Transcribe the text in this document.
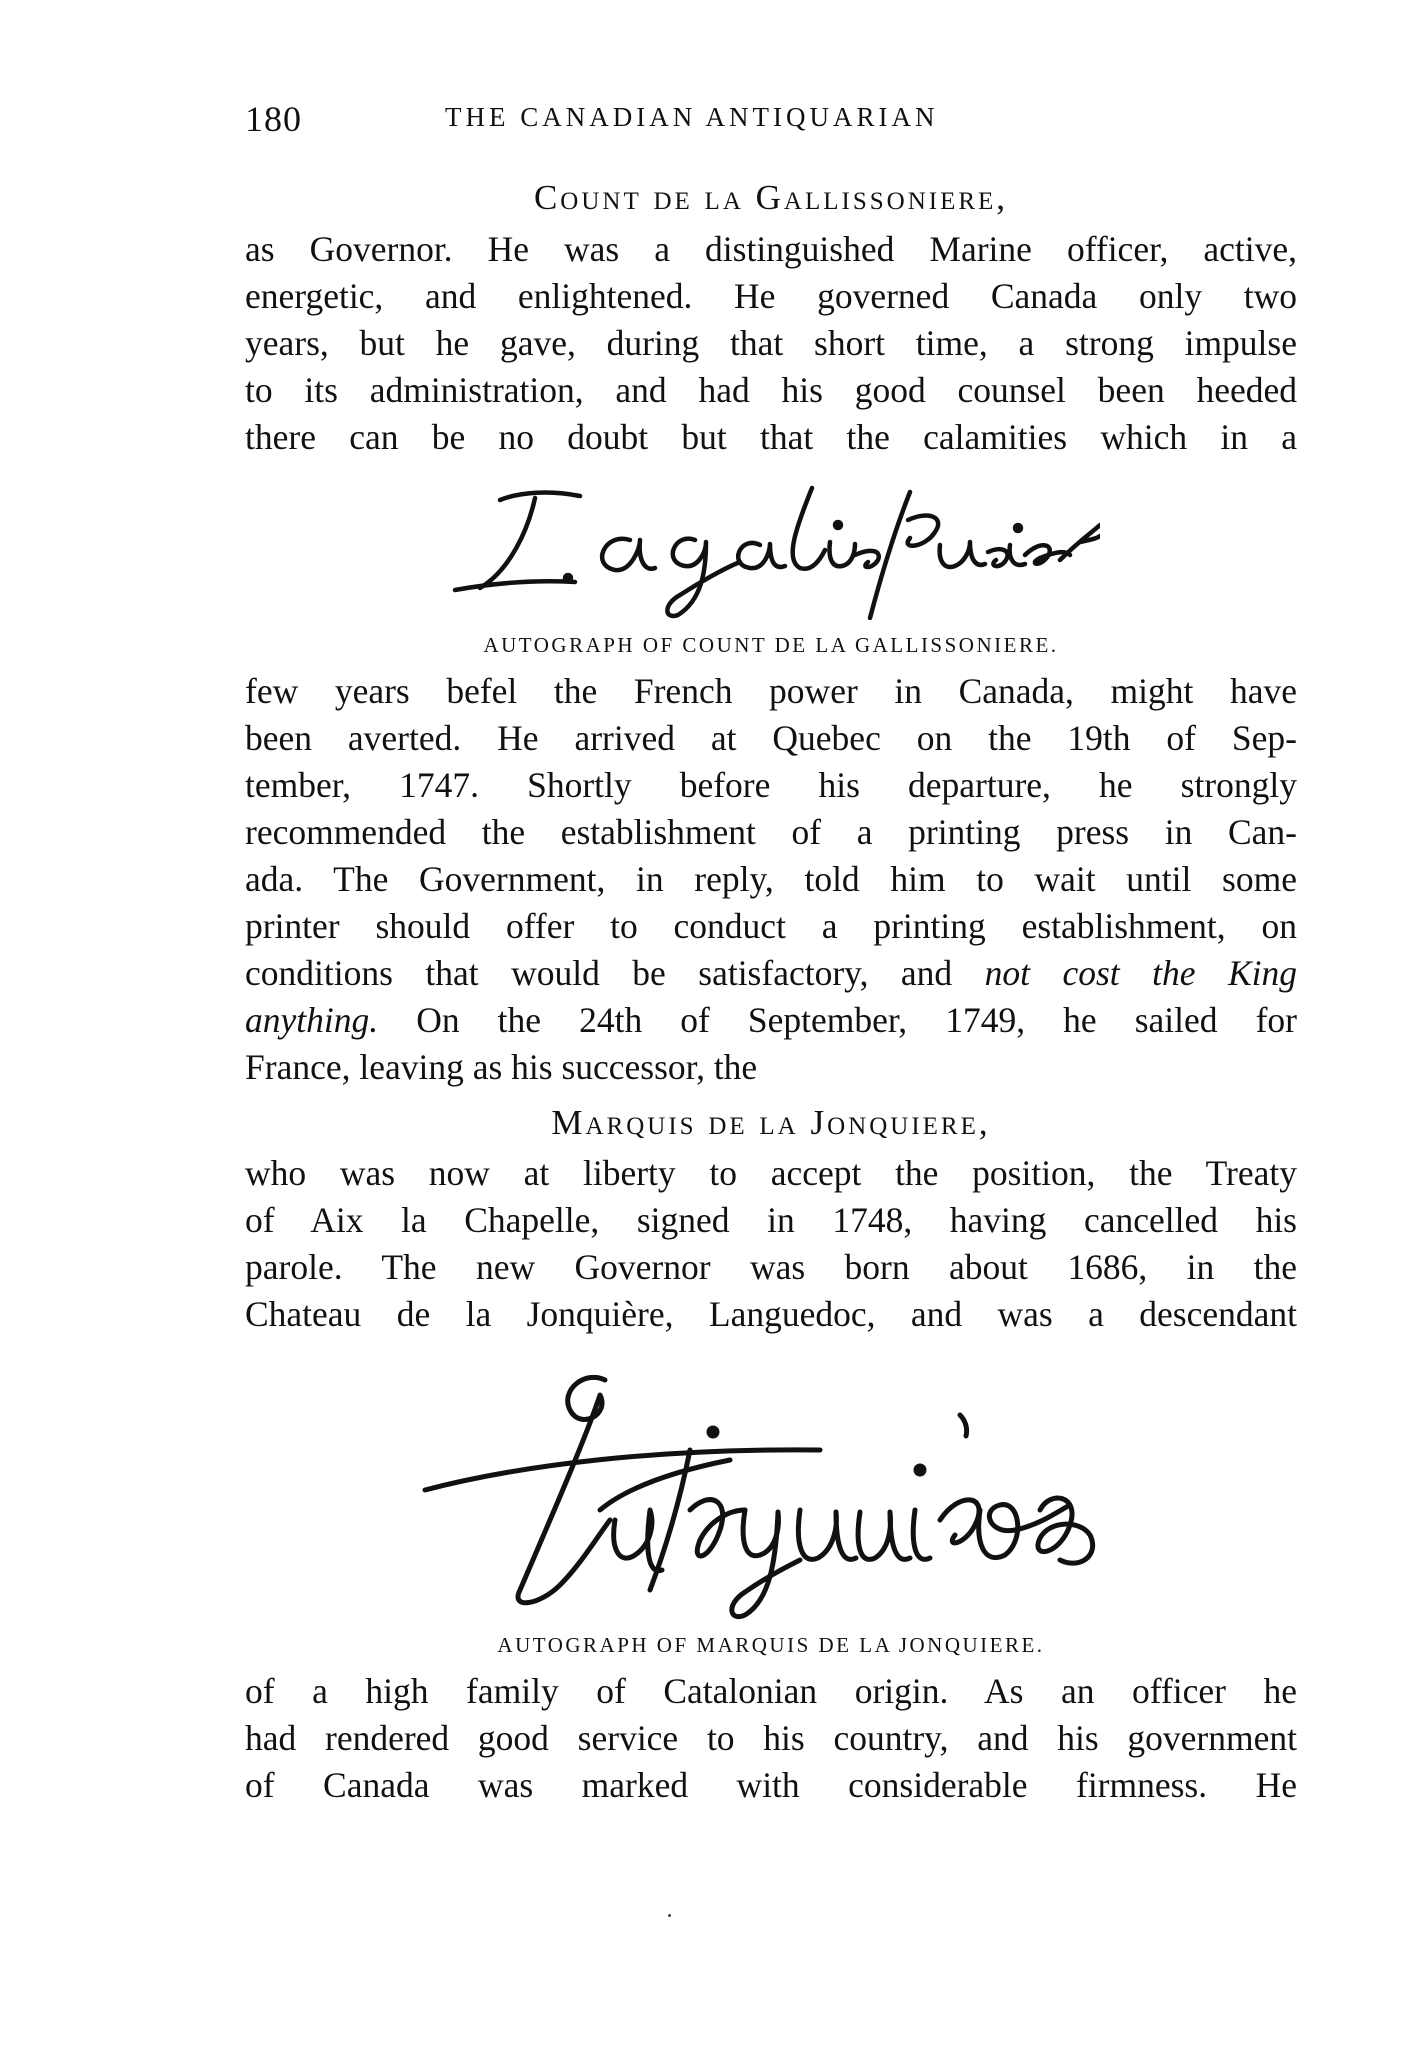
180	THE CANADIAN ANTIQUARIAN
Count de la Gallissoniere,
as Governor. He was a distinguished Marine officer, active,
energetic, and enlightened. He governed Canada only two
years, but he gave, during that short time, a strong impulse
to its administration, and had his good counsel been heeded
there can be no doubt but that the calamities which in a
AUTOGRAPH OF COUNT DE LA GALLISSONIERE.
few years befel the French power in Canada, might have
been averted. He arrived at Quebec on the 19th of Sep-
tember, 1747. Shortly before his departure, he strongly
recommended the establishment of a printing press in Can-
ada. The Government, in reply, told him to wait until some
printer should offer to conduct a printing establishment, on
conditions that would be satisfactory, and not cost the King
anything. On the 24th of September, 1749, he sailed for
France, leaving as his successor, the
Marquis de la Jonquiere,
who was now at liberty to accept the position, the Treaty
of Aix la Chapelle, signed in 1748, having cancelled his
parole. The new Governor was born about 1686, in the
Chateau de la Jonquière, Languedoc, and was a descendant
AUTOGRAPH OF MARQUIS DE LA JONQUIERE.
of a high family of Catalonian origin. As an officer he
had rendered good service to his country, and his government
of Canada was marked with considerable firmness. He
